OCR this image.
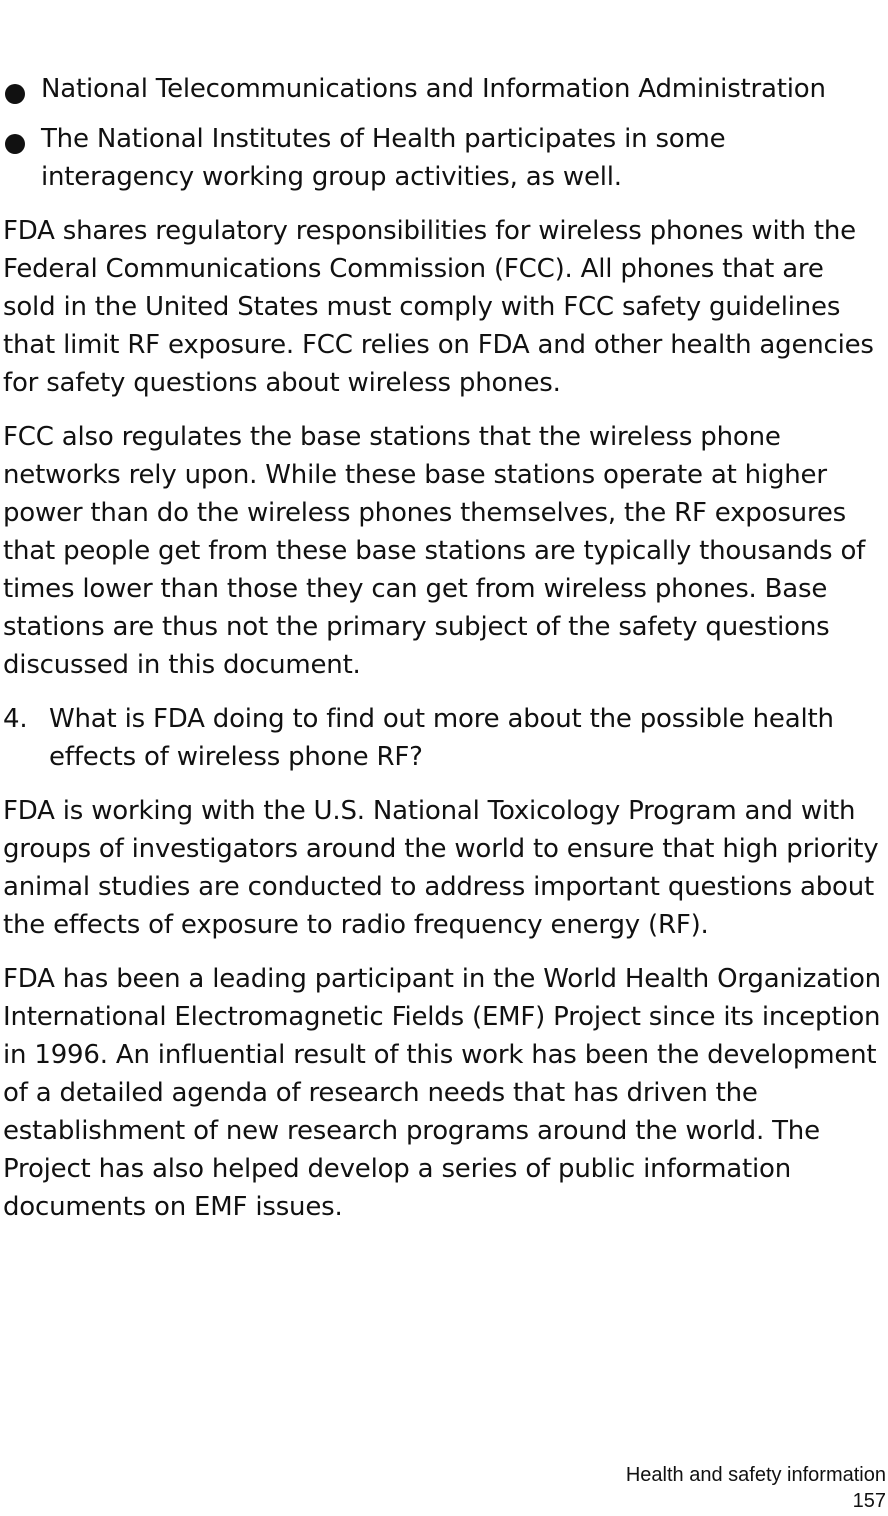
National Telecommunications and Information Administration
The National Institutes of Health participates in some interagency working group activities, as well.

FDA shares regulatory responsibilities for wireless phones with the Federal Communications Commission (FCC). All phones that are sold in the United States must comply with FCC safety guidelines that limit RF exposure. FCC relies on FDA and other health agencies for safety questions about wireless phones.

FCC also regulates the base stations that the wireless phone networks rely upon. While these base stations operate at higher power than do the wireless phones themselves, the RF exposures that people get from these base stations are typically thousands of times lower than those they can get from wireless phones. Base stations are thus not the primary subject of the safety questions discussed in this document.

4. What is FDA doing to find out more about the possible health effects of wireless phone RF?

FDA is working with the U.S. National Toxicology Program and with groups of investigators around the world to ensure that high priority animal studies are conducted to address important questions about the effects of exposure to radio frequency energy (RF).

FDA has been a leading participant in the World Health Organization International Electromagnetic Fields (EMF) Project since its inception in 1996. An influential result of this work has been the development of a detailed agenda of research needs that has driven the establishment of new research programs around the world. The Project has also helped develop a series of public information documents on EMF issues.

Health and safety information
157
